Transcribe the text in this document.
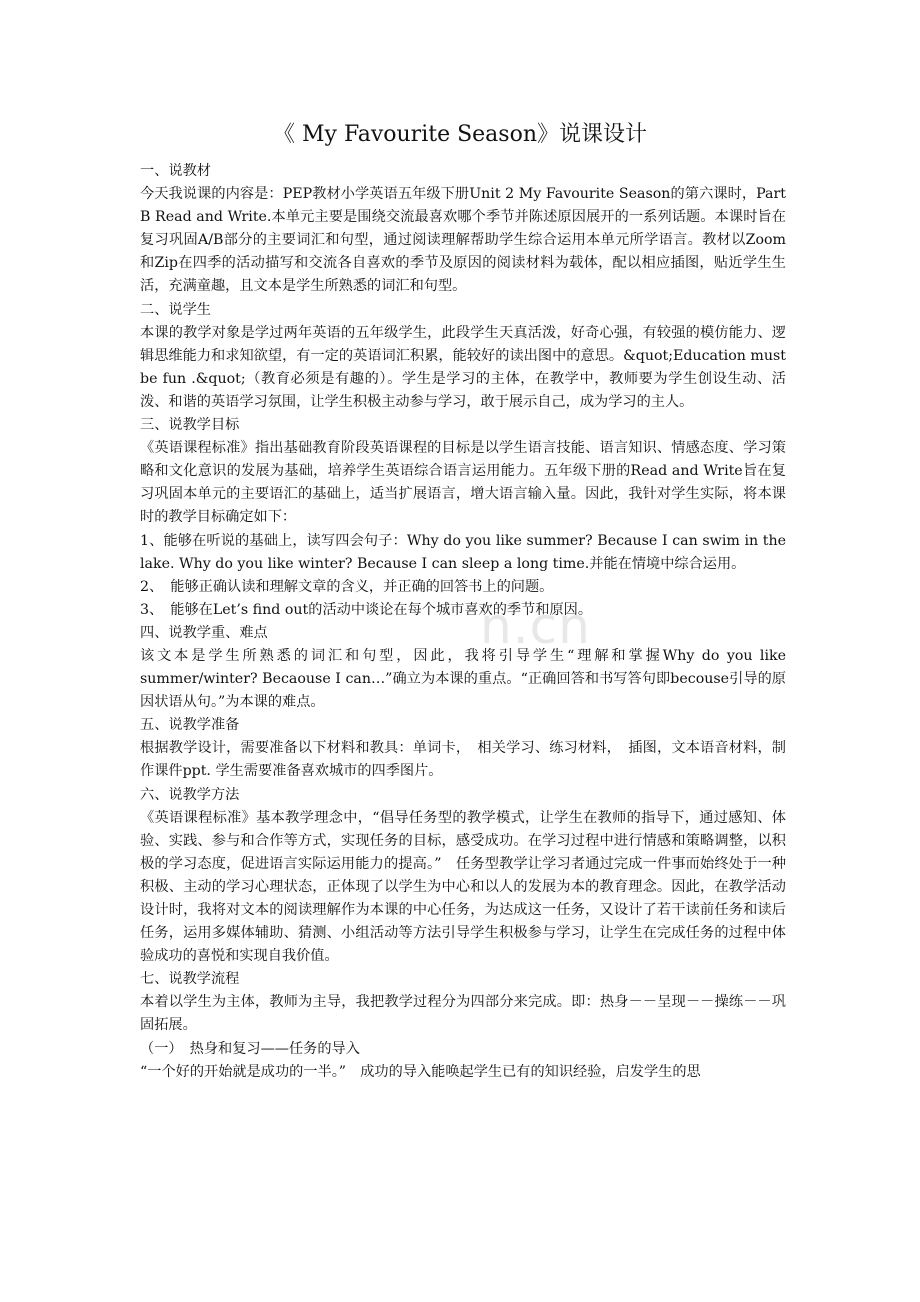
《 My Favourite Season》说课设计

一、说教材

今天我说课的内容是：PEP教材小学英语五年级下册Unit 2 My Favourite Season的第六课时，Part B Read and Write.本单元主要是围绕交流最喜欢哪个季节并陈述原因展开的一系列话题。本课时旨在复习巩固A/B部分的主要词汇和句型，通过阅读理解帮助学生综合运用本单元所学语言。教材以Zoom和Zip在四季的活动描写和交流各自喜欢的季节及原因的阅读材料为载体，配以相应插图，贴近学生生活，充满童趣，且文本是学生所熟悉的词汇和句型。

二、说学生

本课的教学对象是学过两年英语的五年级学生，此段学生天真活泼，好奇心强，有较强的模仿能力、逻辑思维能力和求知欲望，有一定的英语词汇积累，能较好的读出图中的意思。&quot;Education must be fun .&quot;（教育必须是有趣的）。学生是学习的主体，在教学中，教师要为学生创设生动、活泼、和谐的英语学习氛围，让学生积极主动参与学习，敢于展示自己，成为学习的主人。

三、说教学目标

《英语课程标准》指出基础教育阶段英语课程的目标是以学生语言技能、语言知识、情感态度、学习策略和文化意识的发展为基础，培养学生英语综合语言运用能力。五年级下册的Read and Write旨在复习巩固本单元的主要语汇的基础上，适当扩展语言，增大语言输入量。因此，我针对学生实际，将本课时的教学目标确定如下：

1、能够在听说的基础上，读写四会句子：Why do you like summer? Because I can swim in the lake. Why do you like winter? Because I can sleep a long time.并能在情境中综合运用。

2、　能够正确认读和理解文章的含义，并正确的回答书上的问题。

3、　能够在Let’s find out的活动中谈论在每个城市喜欢的季节和原因。

四、说教学重、难点

该文本是学生所熟悉的词汇和句型，因此，我将引导学生“理解和掌握Why do you like summer/winter? Becaouse I can…”确立为本课的重点。“正确回答和书写答句即becouse引导的原因状语从句。”为本课的难点。

五、说教学准备

根据教学设计，需要准备以下材料和教具：单词卡，　相关学习、练习材料，　插图，文本语音材料，制作课件ppt. 学生需要准备喜欢城市的四季图片。

六、说教学方法

《英语课程标准》基本教学理念中，“倡导任务型的教学模式，让学生在教师的指导下，通过感知、体验、实践、参与和合作等方式，实现任务的目标，感受成功。在学习过程中进行情感和策略调整，以积极的学习态度，促进语言实际运用能力的提高。”　任务型教学让学习者通过完成一件事而始终处于一种积极、主动的学习心理状态，正体现了以学生为中心和以人的发展为本的教育理念。因此，在教学活动设计时，我将对文本的阅读理解作为本课的中心任务，为达成这一任务，又设计了若干读前任务和读后任务，运用多媒体辅助、猜测、小组活动等方法引导学生积极参与学习，让学生在完成任务的过程中体验成功的喜悦和实现自我价值。

七、说教学流程

本着以学生为主体，教师为主导，我把教学过程分为四部分来完成。即：热身－－呈现－－操练－－巩固拓展。

（一）　热身和复习——任务的导入

“一个好的开始就是成功的一半。”　成功的导入能唤起学生已有的知识经验，启发学生的思

n.cn
